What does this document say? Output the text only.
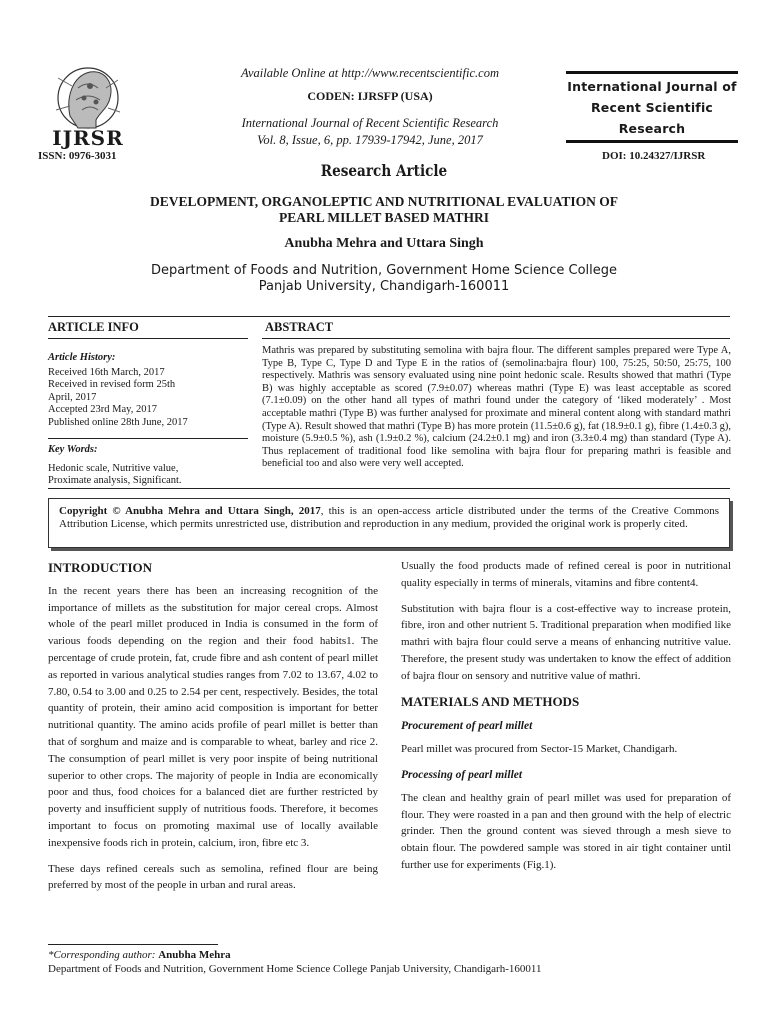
IJRSR
ISSN: 0976-3031
Available Online at http://www.recentscientific.com
CODEN: IJRSFP (USA)
International Journal of Recent Scientific Research
Vol. 8, Issue, 6, pp. 17939-17942, June, 2017
International Journal of
Recent Scientific
Research
DOI: 10.24327/IJRSR
Research Article
DEVELOPMENT, ORGANOLEPTIC AND NUTRITIONAL EVALUATION OF
PEARL MILLET BASED MATHRI
Anubha Mehra and Uttara Singh
Department of Foods and Nutrition, Government Home Science College
Panjab University, Chandigarh-160011
ARTICLE INFO	ABSTRACT
Article History:
Received 16th March, 2017
Received in revised form 25th
April, 2017
Accepted 23rd May, 2017
Published online 28th June, 2017
Key Words:
Hedonic scale, Nutritive value,
Proximate analysis, Significant.
Mathris was prepared by substituting semolina with bajra flour. The different samples prepared were Type A, Type B, Type C, Type D and Type E in the ratios of (semolina:bajra flour) 100, 75:25, 50:50, 25:75, 100 respectively. Mathris was sensory evaluated using nine point hedonic scale. Results showed that mathri (Type B) was highly acceptable as scored (7.9±0.07) whereas mathri (Type E) was least acceptable as scored (7.1±0.09) on the other hand all types of mathri found under the category of ‘liked moderately’ . Most acceptable mathri (Type B) was further analysed for proximate and mineral content along with standard mathri (Type A). Result showed that mathri (Type B) has more protein (11.5±0.6 g), fat (18.9±0.1 g), fibre (1.4±0.3 g), moisture (5.9±0.5 %), ash (1.9±0.2 %), calcium (24.2±0.1 mg) and iron (3.3±0.4 mg) than standard (Type A). Thus replacement of traditional food like semolina with bajra flour for preparing mathri is feasible and beneficial too and also were very well accepted.
Copyright © Anubha Mehra and Uttara Singh, 2017, this is an open-access article distributed under the terms of the Creative Commons Attribution License, which permits unrestricted use, distribution and reproduction in any medium, provided the original work is properly cited.
INTRODUCTION

In the recent years there has been an increasing recognition of the importance of millets as the substitution for major cereal crops. Almost whole of the pearl millet produced in India is consumed in the form of various foods depending on the region and their food habits1. The percentage of crude protein, fat, crude fibre and ash content of pearl millet as reported in various analytical studies ranges from 7.02 to 13.67, 4.02 to 7.80, 0.54 to 3.00 and 0.25 to 2.54 per cent, respectively. Besides, the total quantity of protein, their amino acid composition is important for better nutritional quantity. The amino acids profile of pearl millet is better than that of sorghum and maize and is comparable to wheat, barley and rice 2. The consumption of pearl millet is very poor inspite of being nutritional superior to other crops. The majority of people in India are economically poor and thus, food choices for a balanced diet are further restricted by poverty and insufficient supply of nutritious foods. Therefore, it becomes important to focus on promoting maximal use of locally available inexpensive foods rich in protein, calcium, iron, fibre etc 3.

These days refined cereals such as semolina, refined flour are being preferred by most of the people in urban and rural areas.

Usually the food products made of refined cereal is poor in nutritional quality especially in terms of minerals, vitamins and fibre content4.

Substitution with bajra flour is a cost-effective way to increase protein, fibre, iron and other nutrient 5. Traditional preparation when modified like mathri with bajra flour could serve a means of enhancing nutritive value. Therefore, the present study was undertaken to know the effect of addition of bajra flour on sensory and nutritive value of mathri.

MATERIALS AND METHODS
Procurement of pearl millet

Pearl millet was procured from Sector-15 Market, Chandigarh.

Processing of pearl millet

The clean and healthy grain of pearl millet was used for preparation of flour. They were roasted in a pan and then ground with the help of electric grinder. Then the ground content was sieved through a mesh sieve to obtain flour. The powdered sample was stored in air tight container until further use for experiments (Fig.1).

*Corresponding author: Anubha Mehra
Department of Foods and Nutrition, Government Home Science College Panjab University, Chandigarh-160011
